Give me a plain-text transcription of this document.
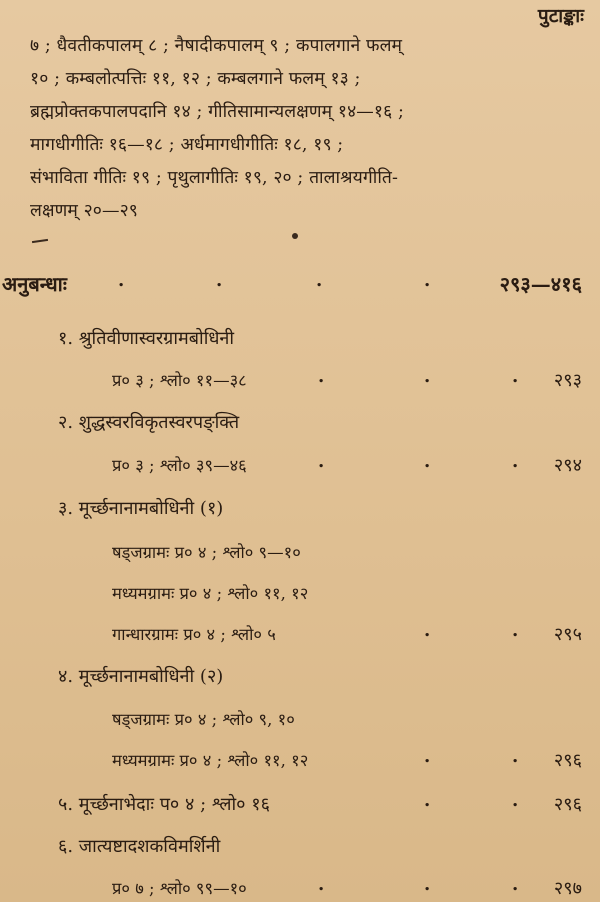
पुटाङ्काः
७ ; धैवतीकपालम् ८ ; नैषादीकपालम् ९ ; कपालगाने फलम्
१० ; कम्बलोत्पत्तिः ११, १२ ; कम्बलगाने फलम् १३ ;
ब्रह्मप्रोक्तकपालपदानि १४ ; गीतिसामान्यलक्षणम् १४—१६ ;
मागधीगीतिः १६—१८ ; अर्धमागधीगीतिः १८, १९ ;
संभाविता गीतिः १९ ; पृथुलागीतिः १९, २० ; तालाश्रयगीति-
लक्षणम् २०—२९
अनुबन्धाः	.	.	.	.	२९३—४१६
१. श्रुतिवीणास्वरग्रामबोधिनी
प्र० ३ ; श्लो० ११—३८	.	.	. २९३
२. शुद्धस्वरविकृतस्वरपङ्क्ति
प्र० ३ ; श्लो० ३९—४६	.	.	. २९४
३. मूर्च्छनानामबोधिनी (१)
षड्जग्रामः प्र० ४ ; श्लो० ९—१०
मध्यमग्रामः प्र० ४ ; श्लो० ११, १२
गान्धारग्रामः प्र० ४ ; श्लो० ५	.	. २९५
४. मूर्च्छनानामबोधिनी (२)
षड्जग्रामः प्र० ४ ; श्लो० ९, १०
मध्यमग्रामः प्र० ४ ; श्लो० ११, १२	.	. २९६
५. मूर्च्छनाभेदाः प० ४ ; श्लो० १६	.	. २९६
६. जात्यष्टादशकविमर्शिनी
प्र० ७ ; श्लो० ९९—१०	.	.	. २९७
